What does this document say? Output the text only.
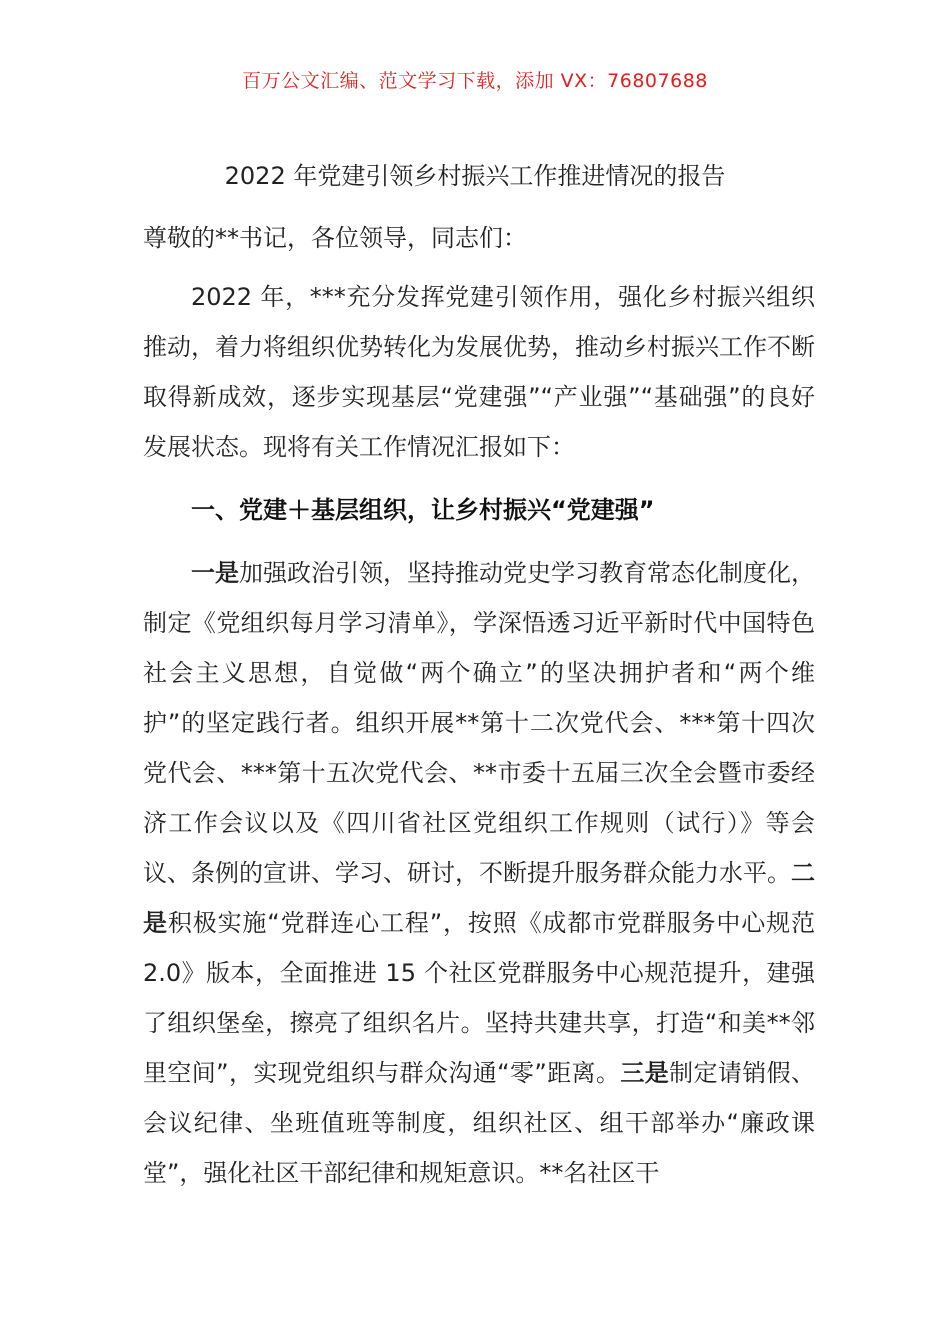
百万公文汇编、范文学习下载，添加 VX：76807688
2022 年党建引领乡村振兴工作推进情况的报告
尊敬的**书记，各位领导，同志们：
2022 年，***充分发挥党建引领作用，强化乡村振兴组织推动，着力将组织优势转化为发展优势，推动乡村振兴工作不断取得新成效，逐步实现基层“党建强”“产业强”“基础强”的良好发展状态。现将有关工作情况汇报如下：
一、党建＋基层组织，让乡村振兴“党建强”
一是加强政治引领，坚持推动党史学习教育常态化制度化，制定《党组织每月学习清单》，学深悟透习近平新时代中国特色社会主义思想，自觉做“两个确立”的坚决拥护者和“两个维护”的坚定践行者。组织开展**第十二次党代会、***第十四次党代会、***第十五次党代会、**市委十五届三次全会暨市委经济工作会议以及《四川省社区党组织工作规则（试行）》等会议、条例的宣讲、学习、研讨，不断提升服务群众能力水平。二是积极实施“党群连心工程”，按照《成都市党群服务中心规范 2.0》版本，全面推进 15 个社区党群服务中心规范提升，建强了组织堡垒，擦亮了组织名片。坚持共建共享，打造“和美**邻里空间”，实现党组织与群众沟通“零”距离。三是制定请销假、会议纪律、坐班值班等制度，组织社区、组干部举办“廉政课堂”，强化社区干部纪律和规矩意识。**名社区干
